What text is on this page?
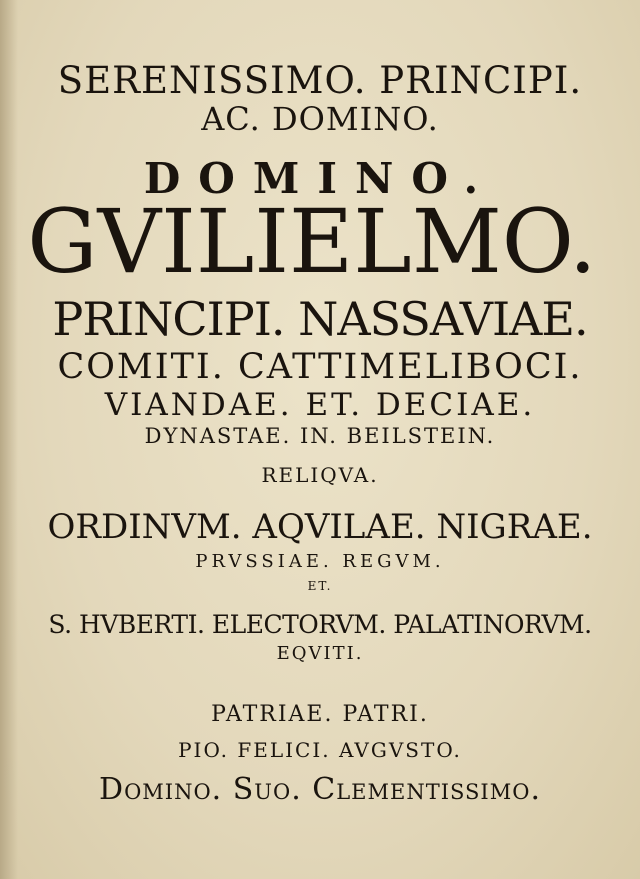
SERENISSIMO. PRINCIPI.

AC. DOMINO.

DOMINO.

GVILIELMO.

PRINCIPI. NASSAVIAE.

COMITI. CATTIMELIBOCI.

VIANDAE. ET. DECIAE.

DYNASTAE. IN. BEILSTEIN.

RELIQVA.

ORDINVM. AQVILAE. NIGRAE.

PRVSSIAE. REGVM.

ET.

S. HVBERTI. ELECTORVM. PALATINORVM.

EQVITI.

PATRIAE. PATRI.

PIO. FELICI. AVGVSTO.

Domino. Suo. Clementissimo.
